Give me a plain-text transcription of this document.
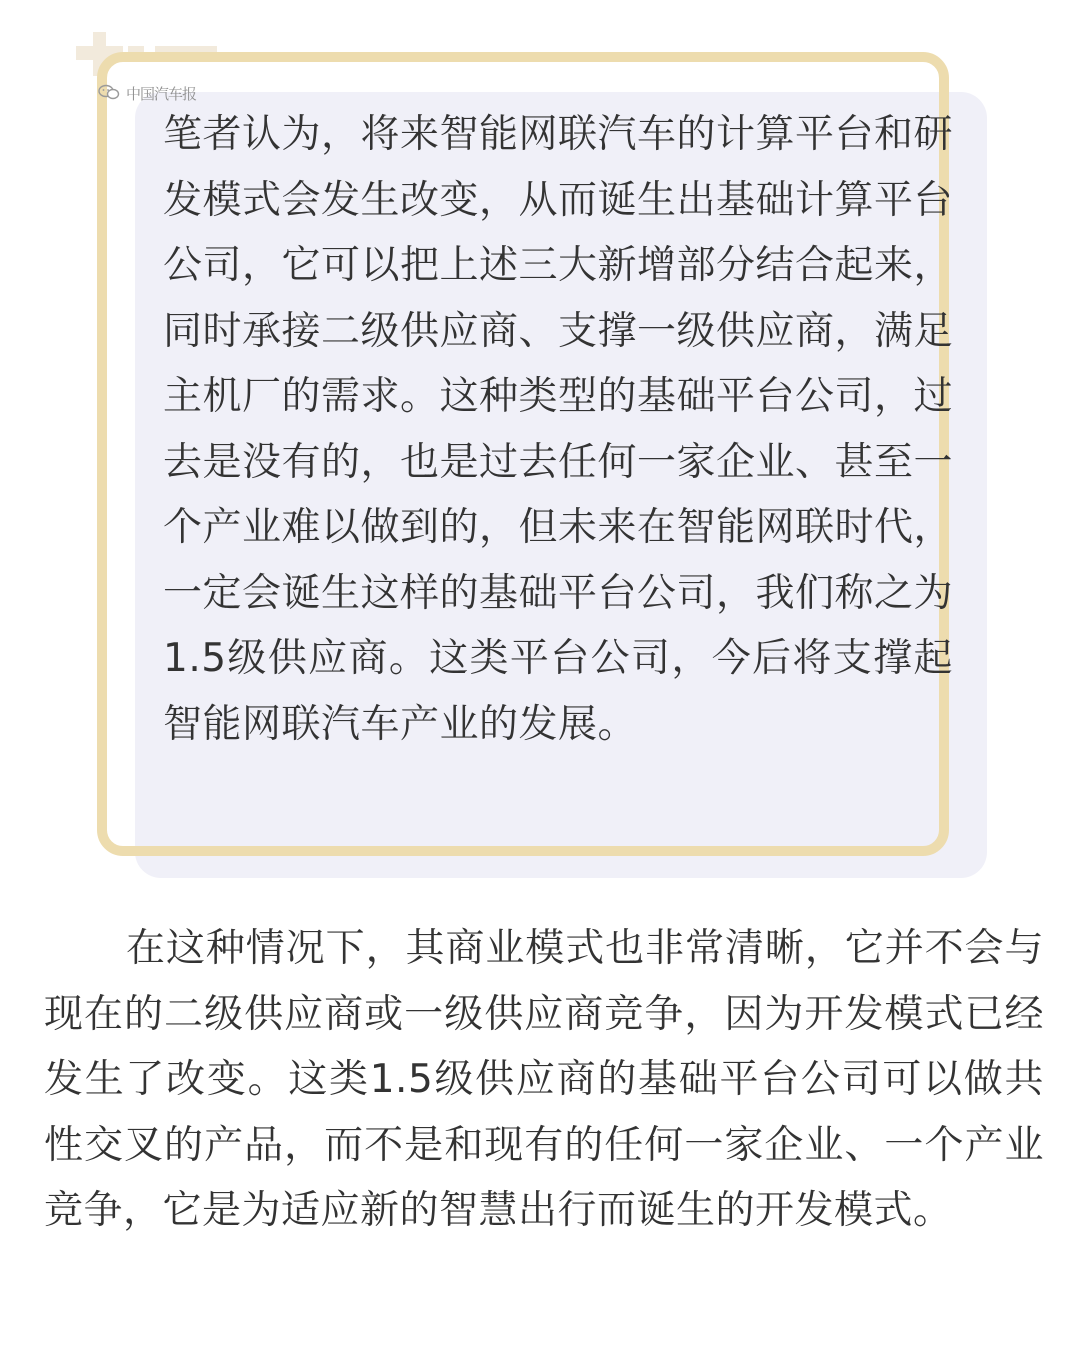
中国汽车报

笔者认为，将来智能网联汽车的计算平台和研发模式会发生改变，从而诞生出基础计算平台公司，它可以把上述三大新增部分结合起来，同时承接二级供应商、支撑一级供应商，满足主机厂的需求。这种类型的基础平台公司，过去是没有的，也是过去任何一家企业、甚至一个产业难以做到的，但未来在智能网联时代，一定会诞生这样的基础平台公司，我们称之为1.5级供应商。这类平台公司，今后将支撑起智能网联汽车产业的发展。

在这种情况下，其商业模式也非常清晰，它并不会与现在的二级供应商或一级供应商竞争，因为开发模式已经发生了改变。这类1.5级供应商的基础平台公司可以做共性交叉的产品，而不是和现有的任何一家企业、一个产业竞争，它是为适应新的智慧出行而诞生的开发模式。
